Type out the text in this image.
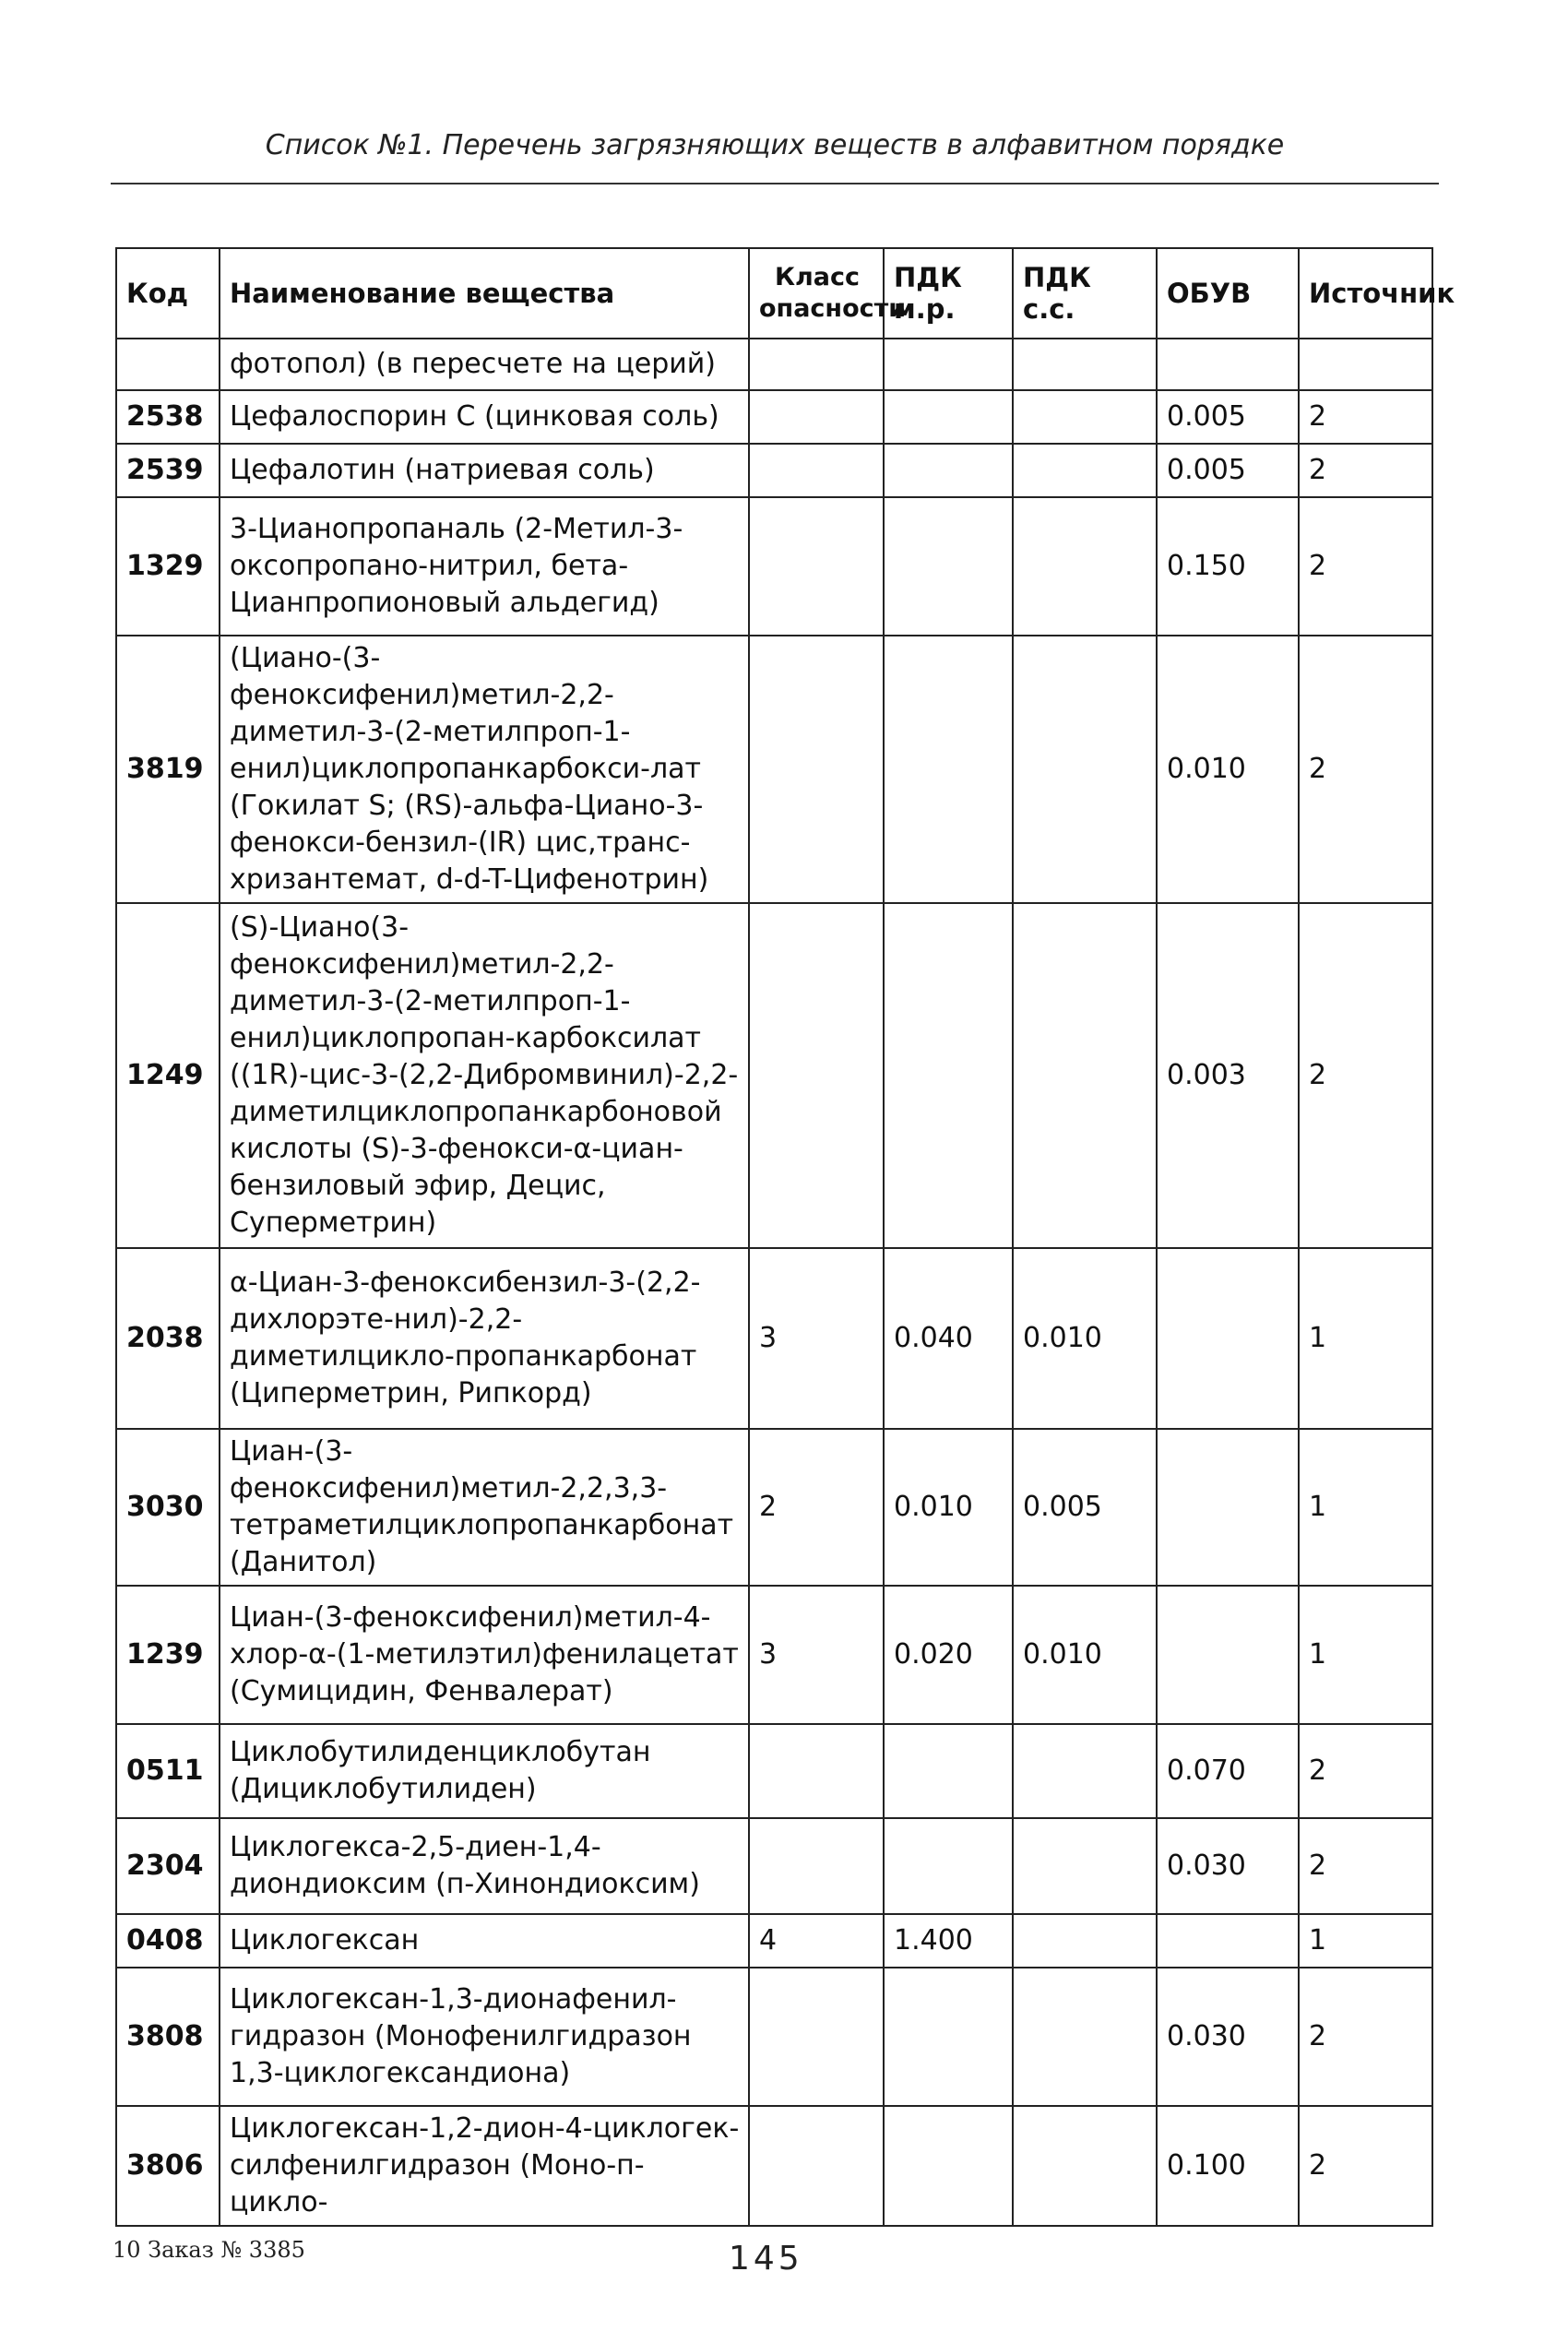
Список №1. Перечень загрязняющих веществ в алфавитном порядке
Код	Наименование вещества	Класс опасности	ПДК м.р.	ПДК с.с.	ОБУВ	Источник
	фотопол) (в пересчете на церий)					
2538	Цефалоспорин С (цинковая соль)				0.005	2
2539	Цефалотин (натриевая соль)				0.005	2
1329	3-Цианопропаналь (2-Метил-3-оксопропано-нитрил, бета-Цианпропионовый альдегид)				0.150	2
3819	(Циано-(3-феноксифенил)метил-2,2-диметил-3-(2-метилпроп-1-енил)циклопропанкарбокси-лат (Гокилат S; (RS)-альфа-Циано-3-фенокси-бензил-(IR) цис,транс-хризантемат, d-d-T-Цифенотрин)				0.010	2
1249	(S)-Циано(3-феноксифенил)метил-2,2-диметил-3-(2-метилпроп-1-енил)циклопропан-карбоксилат ((1R)-цис-3-(2,2-Дибромвинил)-2,2-диметилциклопропанкарбоновой кислоты (S)-3-фенокси-α-циан-бензиловый эфир, Децис, Суперметрин)				0.003	2
2038	α-Циан-3-феноксибензил-3-(2,2-дихлорэте-нил)-2,2-диметилцикло-пропанкарбонат (Циперметрин, Рипкорд)	3	0.040	0.010		1
3030	Циан-(3-феноксифенил)метил-2,2,3,3-тетраметилциклопропанкарбонат (Данитол)	2	0.010	0.005		1
1239	Циан-(3-феноксифенил)метил-4-хлор-α-(1-метилэтил)фенилацетат (Сумицидин, Фенвалерат)	3	0.020	0.010		1
0511	Циклобутилиденциклобутан (Дициклобутилиден)				0.070	2
2304	Циклогекса-2,5-диен-1,4-диондиоксим (п-Хинондиоксим)				0.030	2
0408	Циклогексан	4	1.400			1
3808	Циклогексан-1,3-дионафенил-гидразон (Монофенилгидразон 1,3-циклогександиона)				0.030	2
3806	Циклогексан-1,2-дион-4-циклогек-силфенилгидразон (Моно-п-цикло-				0.100	2
10 Заказ № 3385	145
